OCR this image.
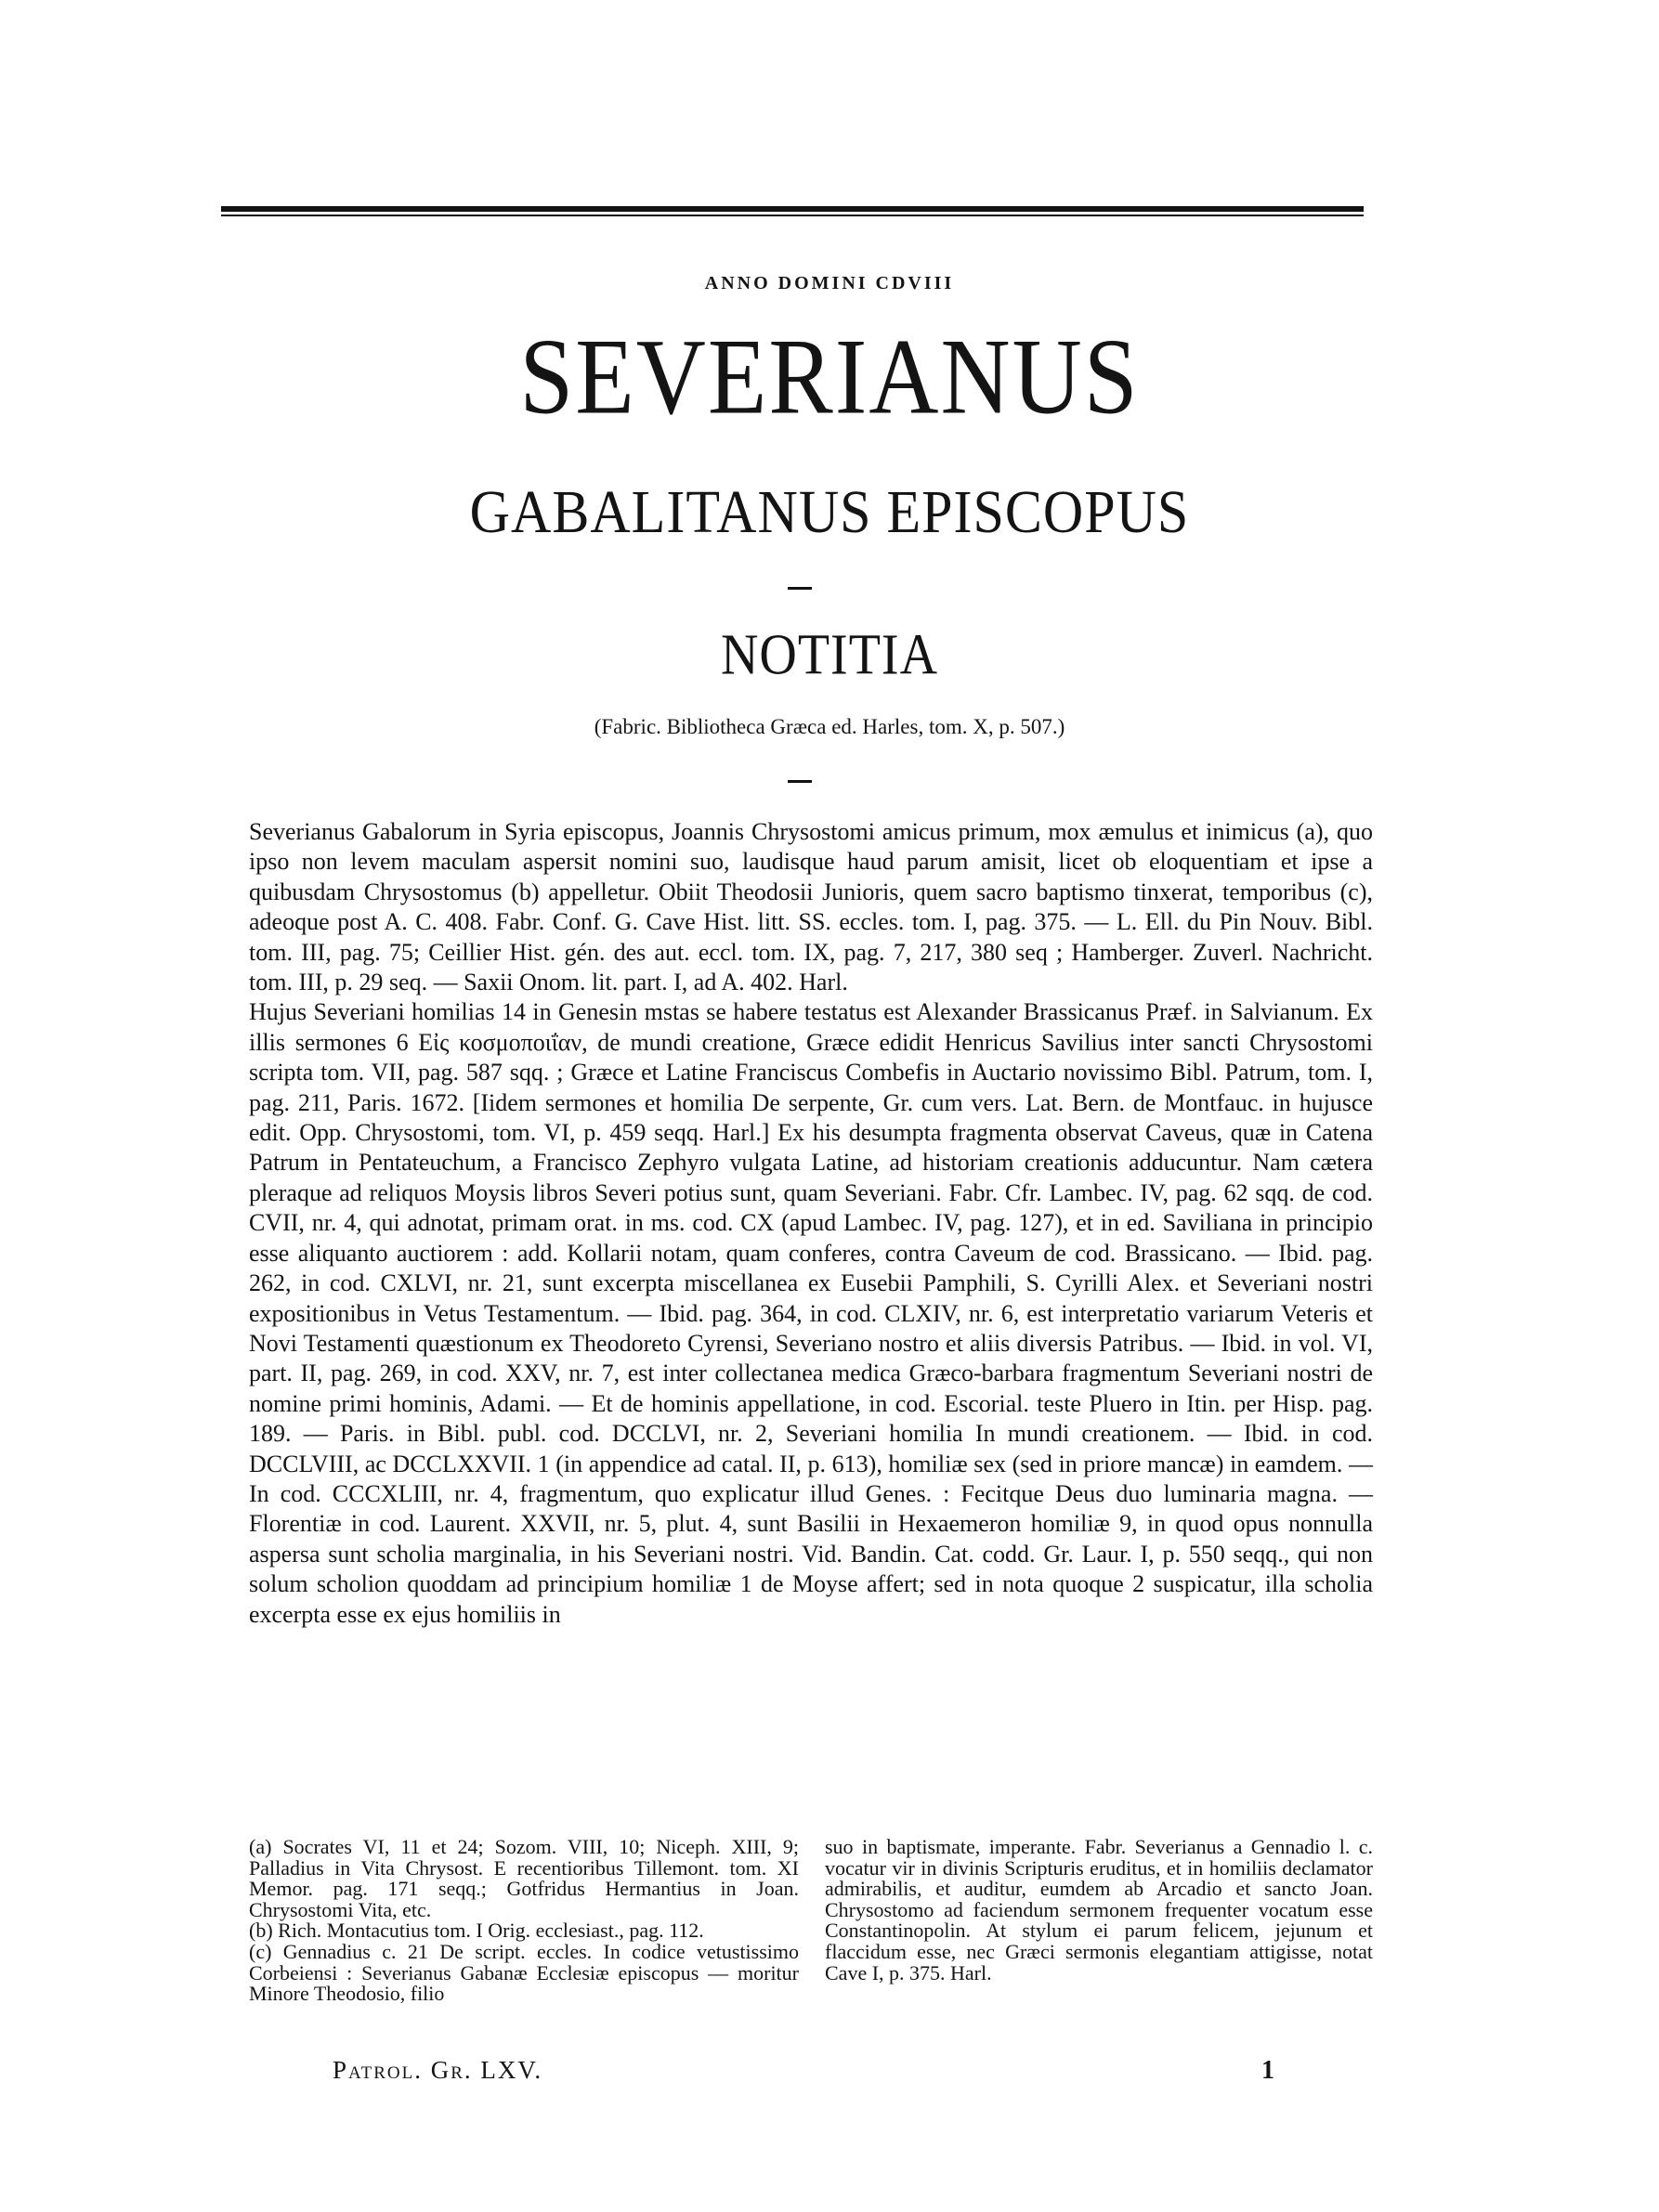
ANNO DOMINI CDVIII
SEVERIANUS
GABALITANUS EPISCOPUS
NOTITIA
(Fabric. Bibliotheca Græca ed. Harles, tom. X, p. 507.)

Severianus Gabalorum in Syria episcopus, Joannis Chrysostomi amicus primum, mox æmulus et inimicus (a), quo ipso non levem maculam aspersit nomini suo, laudisque haud parum amisit, licet ob eloquentiam et ipse a quibusdam Chrysostomus (b) appelletur. Obiit Theodosii Junioris, quem sacro baptismo tinxerat, temporibus (c), adeoque post A. C. 408. Fabr. Conf. G. Cave Hist. litt. SS. eccles. tom. I, pag. 375. — L. Ell. du Pin Nouv. Bibl. tom. III, pag. 75; Ceillier Hist. gén. des aut. eccl. tom. IX, pag. 7, 217, 380 seq ; Hamberger. Zuverl. Nachricht. tom. III, p. 29 seq. — Saxii Onom. lit. part. I, ad A. 402. Harl.

Hujus Severiani homilias 14 in Genesin mstas se habere testatus est Alexander Brassicanus Præf. in Salvianum. Ex illis sermones 6 Εἰς κοσμοποιΐαν, de mundi creatione, Græce edidit Henricus Savilius inter sancti Chrysostomi scripta tom. VII, pag. 587 sqq. ; Græce et Latine Franciscus Combefis in Auctario novissimo Bibl. Patrum, tom. I, pag. 211, Paris. 1672. [Iidem sermones et homilia De serpente, Gr. cum vers. Lat. Bern. de Montfauc. in hujusce edit. Opp. Chrysostomi, tom. VI, p. 459 seqq. Harl.] Ex his desumpta fragmenta observat Caveus, quæ in Catena Patrum in Pentateuchum, a Francisco Zephyro vulgata Latine, ad historiam creationis adducuntur. Nam cætera pleraque ad reliquos Moysis libros Severi potius sunt, quam Severiani. Fabr. Cfr. Lambec. IV, pag. 62 sqq. de cod. CVII, nr. 4, qui adnotat, primam orat. in ms. cod. CX (apud Lambec. IV, pag. 127), et in ed. Saviliana in principio esse aliquanto auctiorem : add. Kollarii notam, quam conferes, contra Caveum de cod. Brassicano. — Ibid. pag. 262, in cod. CXLVI, nr. 21, sunt excerpta miscellanea ex Eusebii Pamphili, S. Cyrilli Alex. et Severiani nostri expositionibus in Vetus Testamentum. — Ibid. pag. 364, in cod. CLXIV, nr. 6, est interpretatio variarum Veteris et Novi Testamenti quæstionum ex Theodoreto Cyrensi, Severiano nostro et aliis diversis Patribus. — Ibid. in vol. VI, part. II, pag. 269, in cod. XXV, nr. 7, est inter collectanea medica Græco-barbara fragmentum Severiani nostri de nomine primi hominis, Adami. — Et de hominis appellatione, in cod. Escorial. teste Pluero in Itin. per Hisp. pag. 189. — Paris. in Bibl. publ. cod. DCCLVI, nr. 2, Severiani homilia In mundi creationem. — Ibid. in cod. DCCLVIII, ac DCCLXXVII. 1 (in appendice ad catal. II, p. 613), homiliæ sex (sed in priore mancæ) in eamdem. — In cod. CCCXLIII, nr. 4, fragmentum, quo explicatur illud Genes. : Fecitque Deus duo luminaria magna. — Florentiæ in cod. Laurent. XXVII, nr. 5, plut. 4, sunt Basilii in Hexaemeron homiliæ 9, in quod opus nonnulla aspersa sunt scholia marginalia, in his Severiani nostri. Vid. Bandin. Cat. codd. Gr. Laur. I, p. 550 seqq., qui non solum scholion quoddam ad principium homiliæ 1 de Moyse affert; sed in nota quoque 2 suspicatur, illa scholia excerpta esse ex ejus homiliis in

(a) Socrates VI, 11 et 24; Sozom. VIII, 10; Niceph. XIII, 9; Palladius in Vita Chrysost. E recentioribus Tillemont. tom. XI Memor. pag. 171 seqq.; Gotfridus Hermantius in Joan. Chrysostomi Vita, etc.

(b) Rich. Montacutius tom. I Orig. ecclesiast., pag. 112.

(c) Gennadius c. 21 De script. eccles. In codice vetustissimo Corbeiensi : Severianus Gabanæ Ecclesiæ episcopus — moritur Minore Theodosio, filio

suo in baptismate, imperante. Fabr. Severianus a Gennadio l. c. vocatur vir in divinis Scripturis eruditus, et in homiliis declamator admirabilis, et auditur, eumdem ab Arcadio et sancto Joan. Chrysostomo ad faciendum sermonem frequenter vocatum esse Constantinopolin. At stylum ei parum felicem, jejunum et flaccidum esse, nec Græci sermonis elegantiam attigisse, notat Cave I, p. 375. Harl.

Patrol. Gr. LXV.	1
